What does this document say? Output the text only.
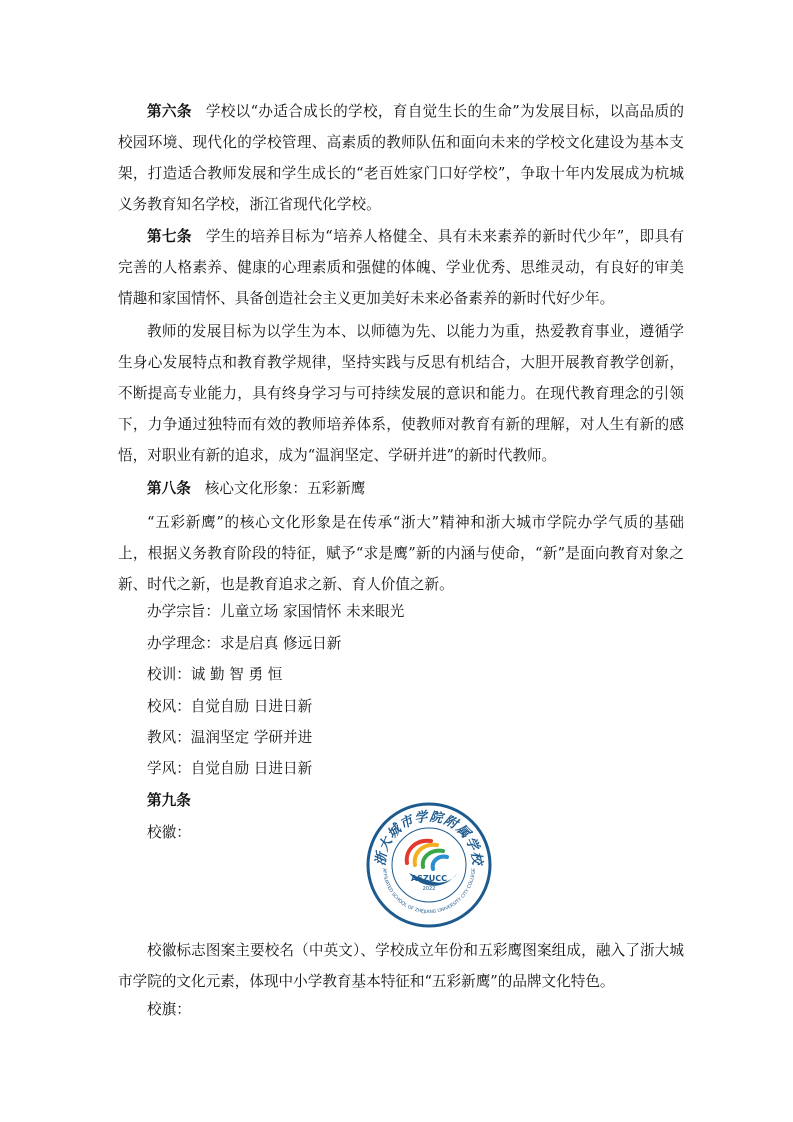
第六条 学校以“办适合成长的学校，育自觉生长的生命”为发展目标，以高品质的校园环境、现代化的学校管理、高素质的教师队伍和面向未来的学校文化建设为基本支架，打造适合教师发展和学生成长的“老百姓家门口好学校”，争取十年内发展成为杭城义务教育知名学校，浙江省现代化学校。

第七条 学生的培养目标为“培养人格健全、具有未来素养的新时代少年”，即具有完善的人格素养、健康的心理素质和强健的体魄、学业优秀、思维灵动，有良好的审美情趣和家国情怀、具备创造社会主义更加美好未来必备素养的新时代好少年。

教师的发展目标为以学生为本、以师德为先、以能力为重，热爱教育事业，遵循学生身心发展特点和教育教学规律，坚持实践与反思有机结合，大胆开展教育教学创新，不断提高专业能力，具有终身学习与可持续发展的意识和能力。在现代教育理念的引领下，力争通过独特而有效的教师培养体系，使教师对教育有新的理解，对人生有新的感悟，对职业有新的追求，成为“温润坚定、学研并进”的新时代教师。

第八条 核心文化形象：五彩新鹰

“五彩新鹰”的核心文化形象是在传承“浙大”精神和浙大城市学院办学气质的基础上，根据义务教育阶段的特征，赋予“求是鹰”新的内涵与使命，“新”是面向教育对象之新、时代之新，也是教育追求之新、育人价值之新。

办学宗旨：儿童立场 家国情怀 未来眼光

办学理念：求是启真 修远日新

校训：诚 勤 智 勇 恒

校风：自觉自励 日进日新

教风：温润坚定 学研并进

学风：自觉自励 日进日新

第九条

校徽：

浙大城市学院附属学校
AFFILIATED SCHOOL OF ZHEJIANG UNIVERSITY CITY COLLEGE
ASZUCC
2022

校徽标志图案主要校名（中英文）、学校成立年份和五彩鹰图案组成，融入了浙大城市学院的文化元素，体现中小学教育基本特征和“五彩新鹰”的品牌文化特色。

校旗：
